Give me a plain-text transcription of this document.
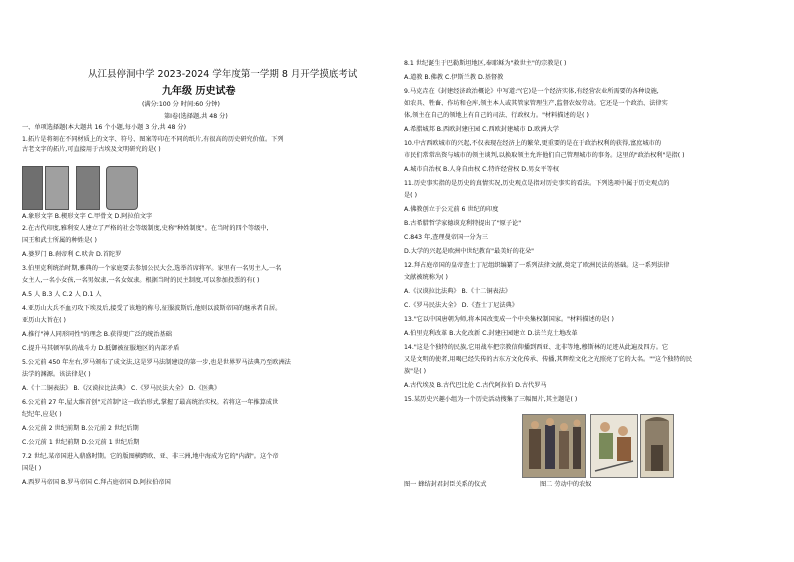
从江县停洞中学 2023-2024 学年度第一学期 8 月开学摸底考试
九年级 历史试卷
(满分:100 分 时间:60 分钟)
第Ⅰ卷(选择题,共 48 分)
一、单项选择题(本大题共 16 个小题,每小题 3 分,共 48 分)
1.拓片是将刻在不同材质上的文字、符号、图案等印在不同的纸片,有很高的历史研究价值。下列
古老文字的拓片,可直接用于古埃及文明研究的是( )
A.象形文字 B.楔形文字 C.甲骨文 D.阿拉伯文字
2.在古代印度,雅利安人建立了严格的社会等级制度,史称"种姓制度"。在当时的四个等级中,
国王和武士所属的种姓是( )
A.婆罗门 B.刹帝利 C.吠舍 D.首陀罗
3.伯里克利统治时期,雅典的一个家庭要去参加公民大会,选举首席将军。家里有一名男主人,一名
女主人,一名小女孩,一名男奴隶,一名女奴隶。根据当时的民主制度,可以参加投票的有( )
A.5 人 B.3 人 C.2 人 D.1 人
4.亚历山大兵不血刃攻下埃及后,接受了该地的称号,征服波斯后,他则以波斯帝国的继承者自居。
亚历山大旨在( )
A.推行"神人同形同性"的理念 B.获得更广泛的统治基础
C.提升马其顿军队的战斗力 D.抵御被征服地区的内部矛盾
5.公元前 450 年左右,罗马颁布了成文法,这是罗马法制建设的第一步,也是世界罗马法典乃至欧洲法
法学的渊源。该法律是( )
A.《十二铜表法》 B.《汉谟拉比法典》 C.《罗马民法大全》 D.《医典》
6.公元前 27 年,屋大维首创"元首制"这一政治形式,掌握了最高统治实权。若将这一年推算成世
纪纪年,应是( )
A.公元前 2 世纪前期 B.公元前 2 世纪后期
C.公元前 1 世纪前期 D.公元前 1 世纪后期
7.2 世纪,某帝国进入鼎盛时期。它的版图横跨欧、亚、非三洲,地中海成为它的"内湖"。这个帝
国是( )
A.西罗马帝国 B.罗马帝国 C.拜占庭帝国 D.阿拉伯帝国
8.1 世纪诞生于巴勒斯坦地区,奉耶稣为"救世主"的宗教是( )
A.道教 B.佛教 C.伊斯兰教 D.基督教
9.马克垚在《封建经济政治概论》中写道:"(它)是一个经济实体,有经营农业所需要的各种设施,
如农具、牲畜、作坊和仓库,领主本人或其管家管理生产,监督农奴劳动。它还是一个政治、法律实
体,领主在自己的领地上有自己的司法、行政权力。"材料描述的是( )
A.希腊城邦 B.西欧封建庄园 C.西欧封建城市 D.欧洲大学
10.中古西欧城市的兴起,不仅表现在经济上的繁荣,更重要的是在于政治权利的获得,富庶城市的
市民们常常出资与城市的领主谈判,以换取领主允许他们自己管理城市的事务。这里的"政治权利"是指( )
A.城市自治权 B.人身自由权 C.特许经营权 D.男女平等权
11.历史事实指的是历史的真情实况,历史观点是指对历史事实的看法。下列选项中属于历史观点的
是( )
A.佛教创立于公元前 6 世纪的印度
B.古希腊哲学家德谟克利特提出了"原子论"
C.843 年,查理曼帝国一分为三
D.大学的兴起是欧洲中世纪教育"最美好的花朵"
12.拜占庭帝国的皇帝查士丁尼组织编纂了一系列法律文献,奠定了欧洲民法的基础。这一系列法律
文献被统称为( )
A.《汉谟拉比法典》 B.《十二铜表法》
C.《罗马民法大全》 D.《查士丁尼法典》
13."它以中国唐朝为师,将本国改变成一个中央集权制国家。"材料描述的是( )
A.伯里克利改革 B.大化改新 C.封建庄园建立 D.法兰克土地改革
14."这是个独特的民族,它用战车把宗教信仰播到西亚、北非等地,穆斯林的足迹从此遍及四方。它
又是文明的使者,用喝已经失传的古东方文化传承、传播,其辉煌文化之光照亮了它的大名。""这个独特的民
族"是( )
A.古代埃及 B.古代巴比伦 C.古代阿拉伯 D.古代罗马
15.某历史兴趣小组为一个历史活动搜集了三幅图片,其主题是( )
图一 蜂结封君封臣关系的仪式	图二 劳动中的农奴
